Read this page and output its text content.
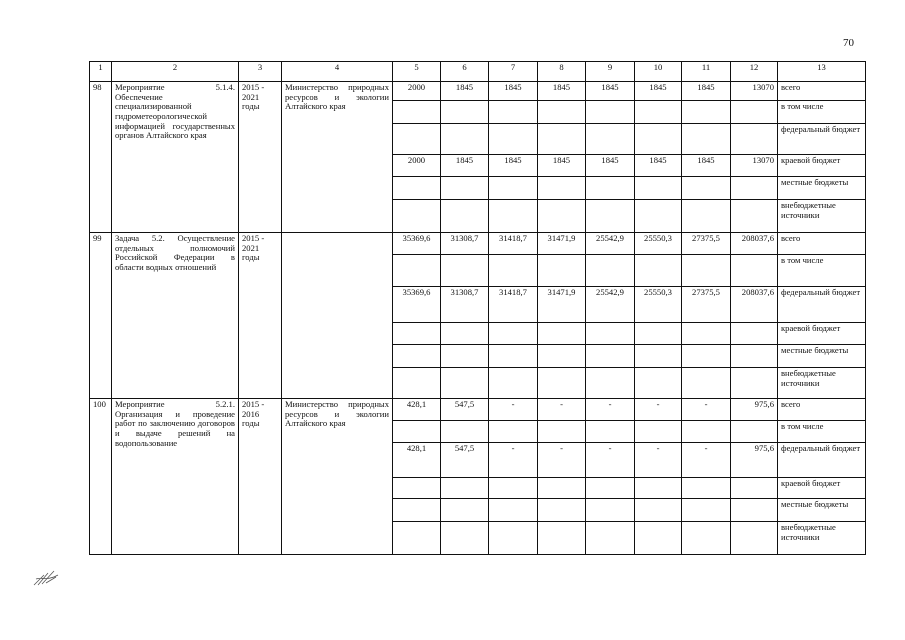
70
1	2	3	4	5	6	7	8	9	10	11	12	13
98	Мероприятие 5.1.4. Обеспечение специализированной гидрометеорологической информацией государственных органов Алтайского края	2015 - 2021 годы	Министерство природных ресурсов и экологии Алтайского края	2000	1845	1845	1845	1845	1845	1845	13070	всего
												в том числе
												федеральный бюджет
				2000	1845	1845	1845	1845	1845	1845	13070	краевой бюджет
												местные бюджеты
												внебюджетные источники
99	Задача 5.2. Осуществление отдельных полномочий Российской Федерации в области водных отношений	2015 - 2021 годы		35369,6	31308,7	31418,7	31471,9	25542,9	25550,3	27375,5	208037,6	всего
												в том числе
				35369,6	31308,7	31418,7	31471,9	25542,9	25550,3	27375,5	208037,6	федеральный бюджет
												краевой бюджет
												местные бюджеты
												внебюджетные источники
100	Мероприятие 5.2.1. Организация и проведение работ по заключению договоров и выдаче решений на водопользование	2015 - 2016 годы	Министерство природных ресурсов и экологии Алтайского края	428,1	547,5	-	-	-	-	-	975,6	всего
												в том числе
				428,1	547,5	-	-	-	-	-	975,6	федеральный бюджет
												краевой бюджет
												местные бюджеты
												внебюджетные источники
